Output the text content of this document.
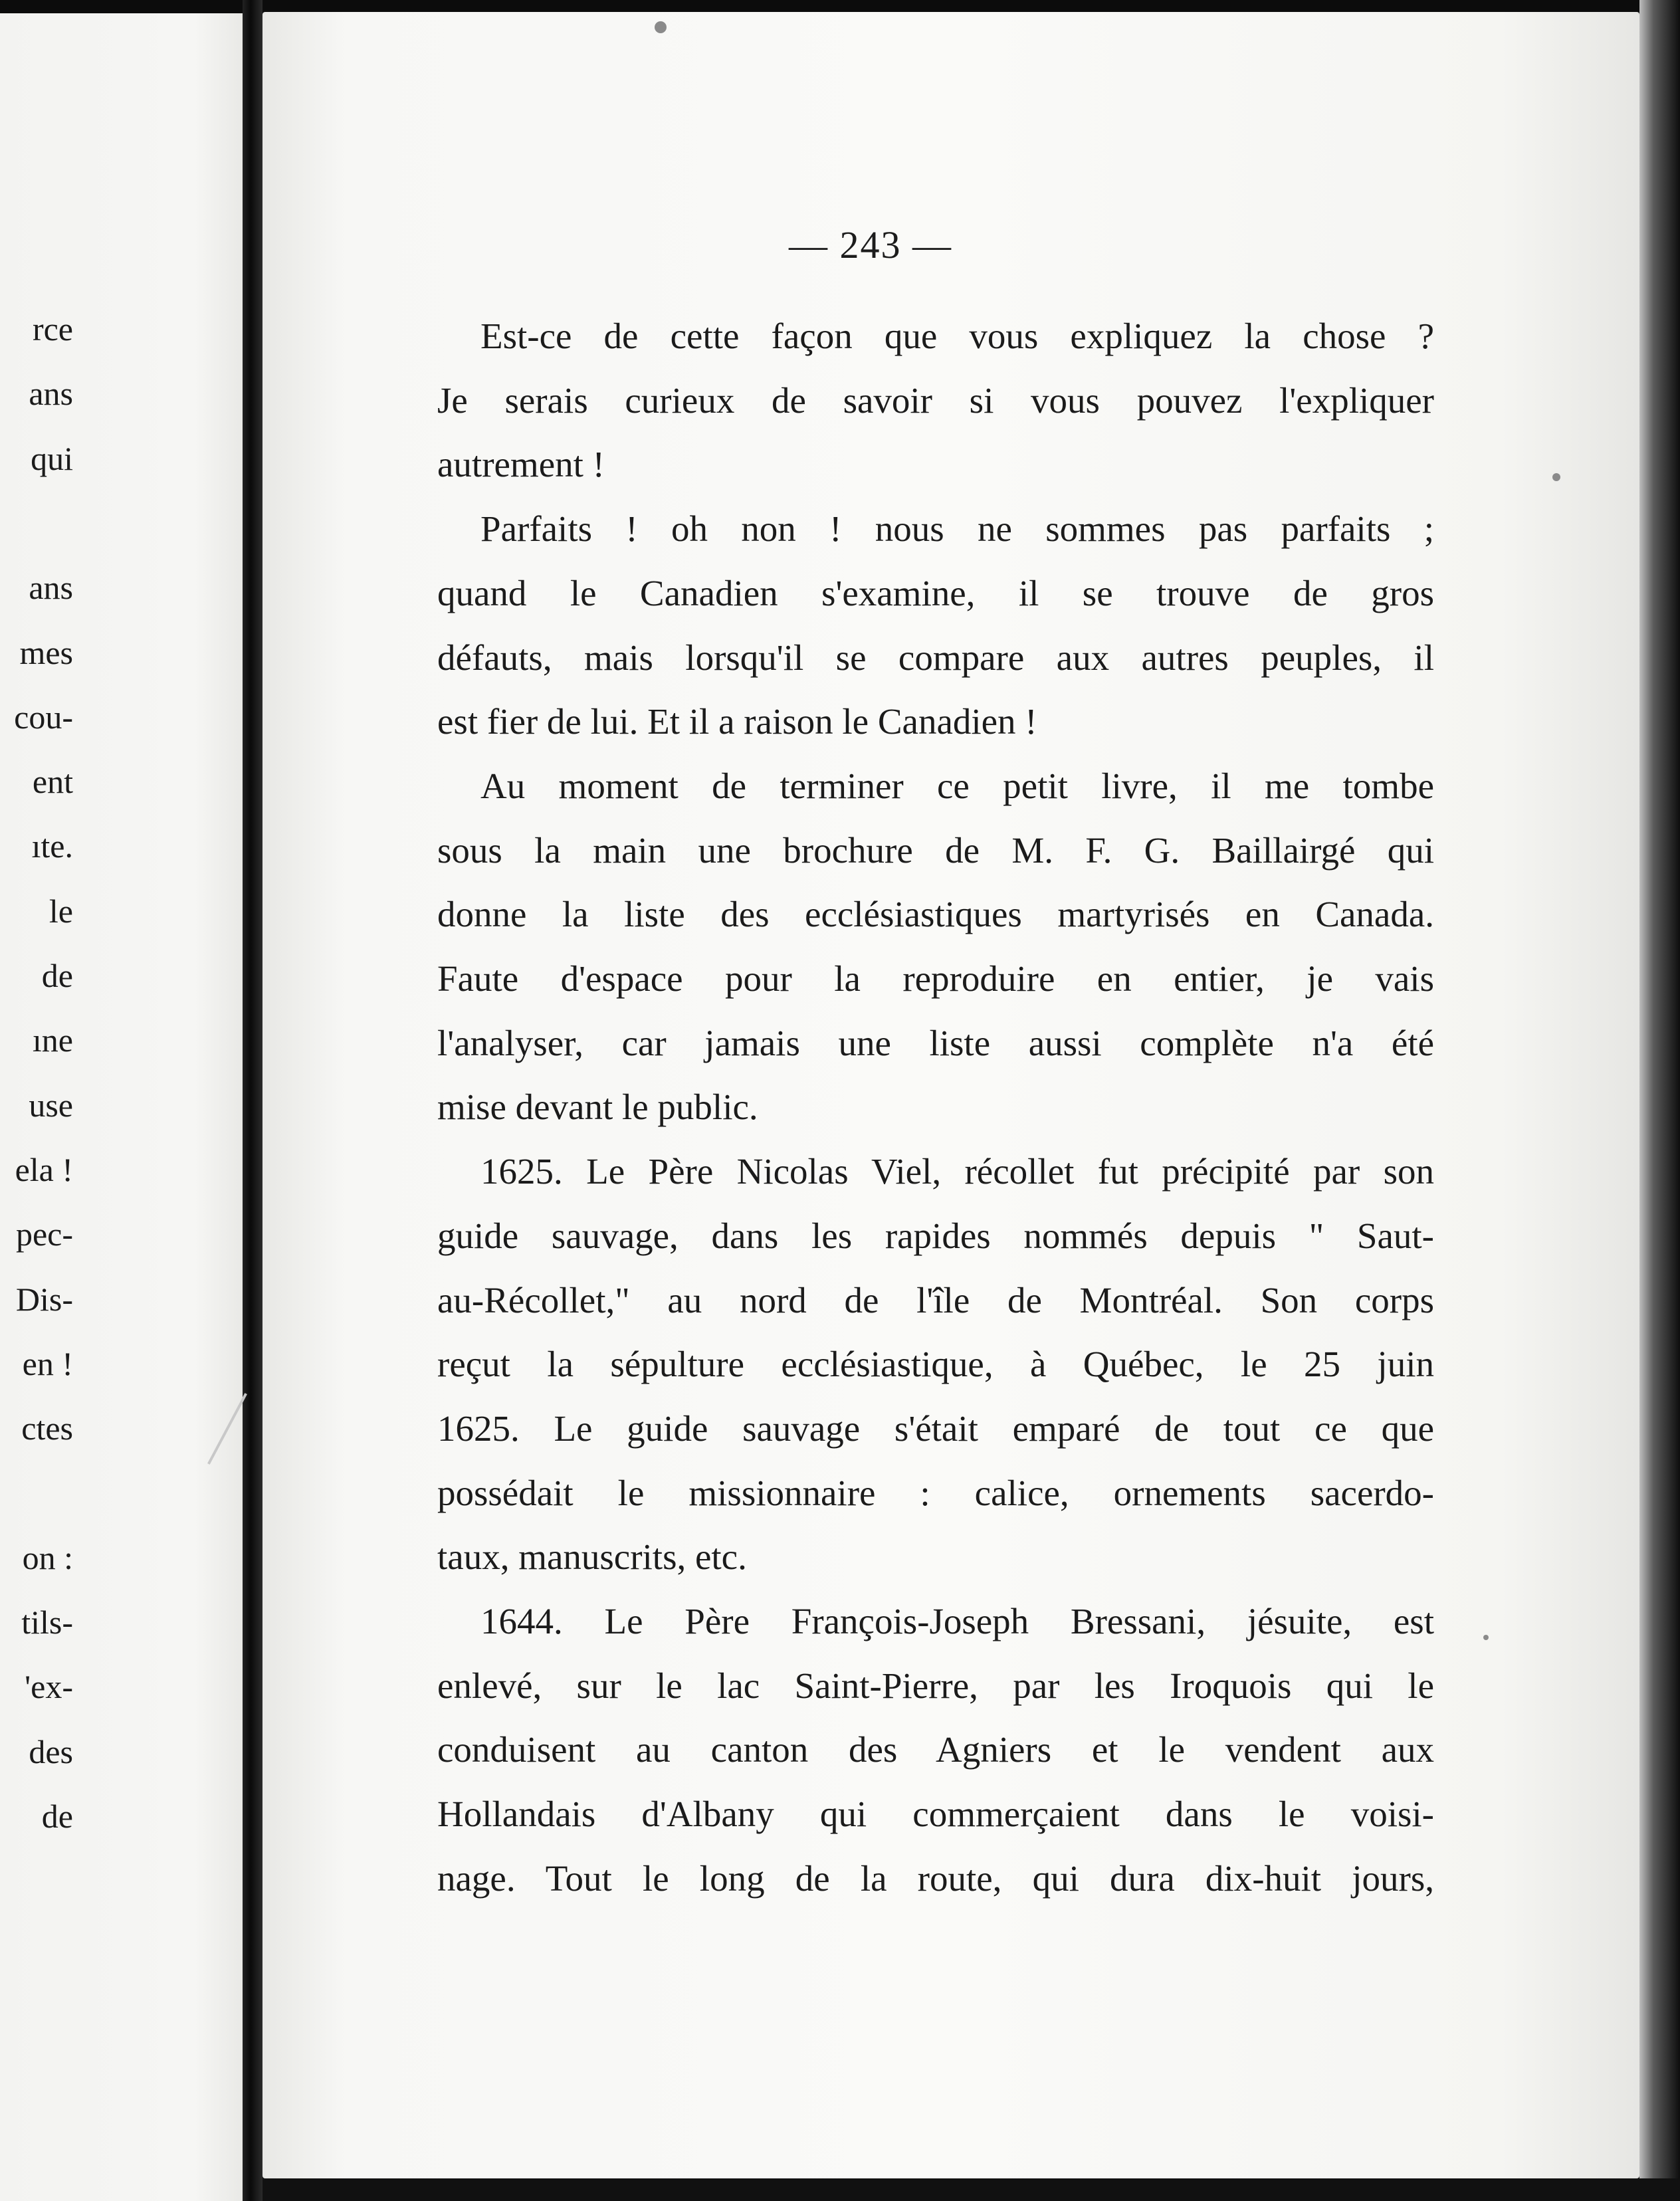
rce
ans
qui
ans
mes
cou-
ent
ıte.
le
de
ıne
use
ela !
pec-
Dis-
en !
ctes
on :
tils-
'ex-
des
de
— 243 —
Est-ce de cette façon que vous expliquez la chose ?
Je serais curieux de savoir si vous pouvez l'expliquer
autrement !
Parfaits ! oh non ! nous ne sommes pas parfaits ;
quand le Canadien s'examine, il se trouve de gros
défauts, mais lorsqu'il se compare aux autres peuples, il
est fier de lui. Et il a raison le Canadien !
Au moment de terminer ce petit livre, il me tombe
sous la main une brochure de M. F. G. Baillairgé qui
donne la liste des ecclésiastiques martyrisés en Canada.
Faute d'espace pour la reproduire en entier, je vais
l'analyser, car jamais une liste aussi complète n'a été
mise devant le public.
1625. Le Père Nicolas Viel, récollet fut précipité par son
guide sauvage, dans les rapides nommés depuis " Saut-
au-Récollet," au nord de l'île de Montréal. Son corps
reçut la sépulture ecclésiastique, à Québec, le 25 juin
1625. Le guide sauvage s'était emparé de tout ce que
possédait le missionnaire : calice, ornements sacerdo-
taux, manuscrits, etc.
1644. Le Père François-Joseph Bressani, jésuite, est
enlevé, sur le lac Saint-Pierre, par les Iroquois qui le
conduisent au canton des Agniers et le vendent aux
Hollandais d'Albany qui commerçaient dans le voisi-
nage. Tout le long de la route, qui dura dix-huit jours,
